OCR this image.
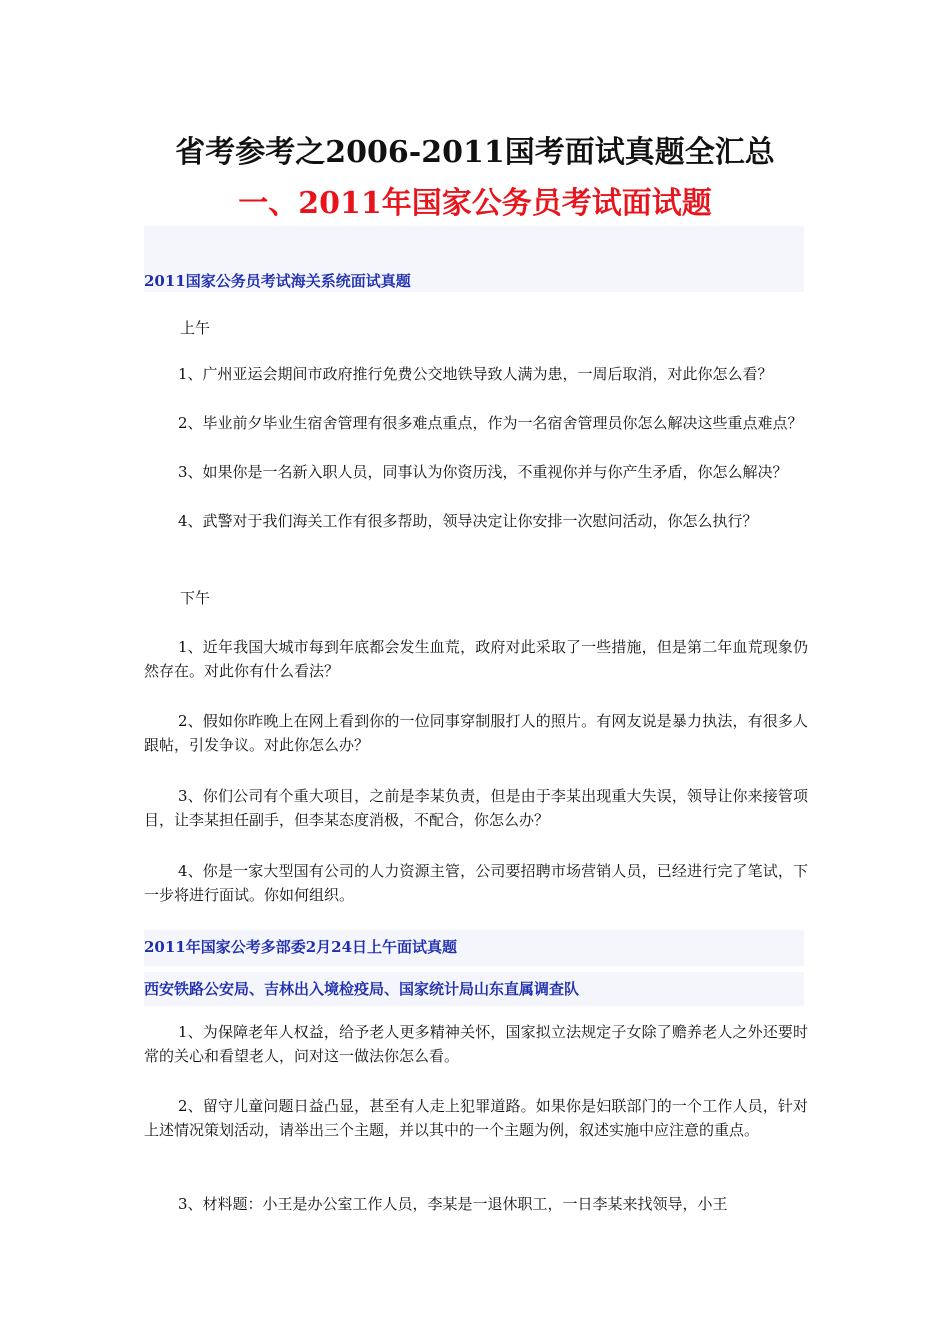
省考参考之2006-2011国考面试真题全汇总
一、2011年国家公务员考试面试题
2011国家公务员考试海关系统面试真题
上午
1、广州亚运会期间市政府推行免费公交地铁导致人满为患，一周后取消，对此你怎么看？
2、毕业前夕毕业生宿舍管理有很多难点重点，作为一名宿舍管理员你怎么解决这些重点难点？
3、如果你是一名新入职人员，同事认为你资历浅，不重视你并与你产生矛盾，你怎么解决？
4、武警对于我们海关工作有很多帮助，领导决定让你安排一次慰问活动，你怎么执行？
下午
1、近年我国大城市每到年底都会发生血荒，政府对此采取了一些措施，但是第二年血荒现象仍然存在。对此你有什么看法？
2、假如你昨晚上在网上看到你的一位同事穿制服打人的照片。有网友说是暴力执法，有很多人跟帖，引发争议。对此你怎么办？
3、你们公司有个重大项目，之前是李某负责，但是由于李某出现重大失误，领导让你来接管项目，让李某担任副手，但李某态度消极，不配合，你怎么办？
4、你是一家大型国有公司的人力资源主管，公司要招聘市场营销人员，已经进行完了笔试，下一步将进行面试。你如何组织。
2011年国家公考多部委2月24日上午面试真题
西安铁路公安局、吉林出入境检疫局、国家统计局山东直属调查队
1、为保障老年人权益，给予老人更多精神关怀，国家拟立法规定子女除了赡养老人之外还要时常的关心和看望老人，问对这一做法你怎么看。
2、留守儿童问题日益凸显，甚至有人走上犯罪道路。如果你是妇联部门的一个工作人员，针对上述情况策划活动，请举出三个主题，并以其中的一个主题为例，叙述实施中应注意的重点。
3、材料题：小王是办公室工作人员，李某是一退休职工，一日李某来找领导，小王
